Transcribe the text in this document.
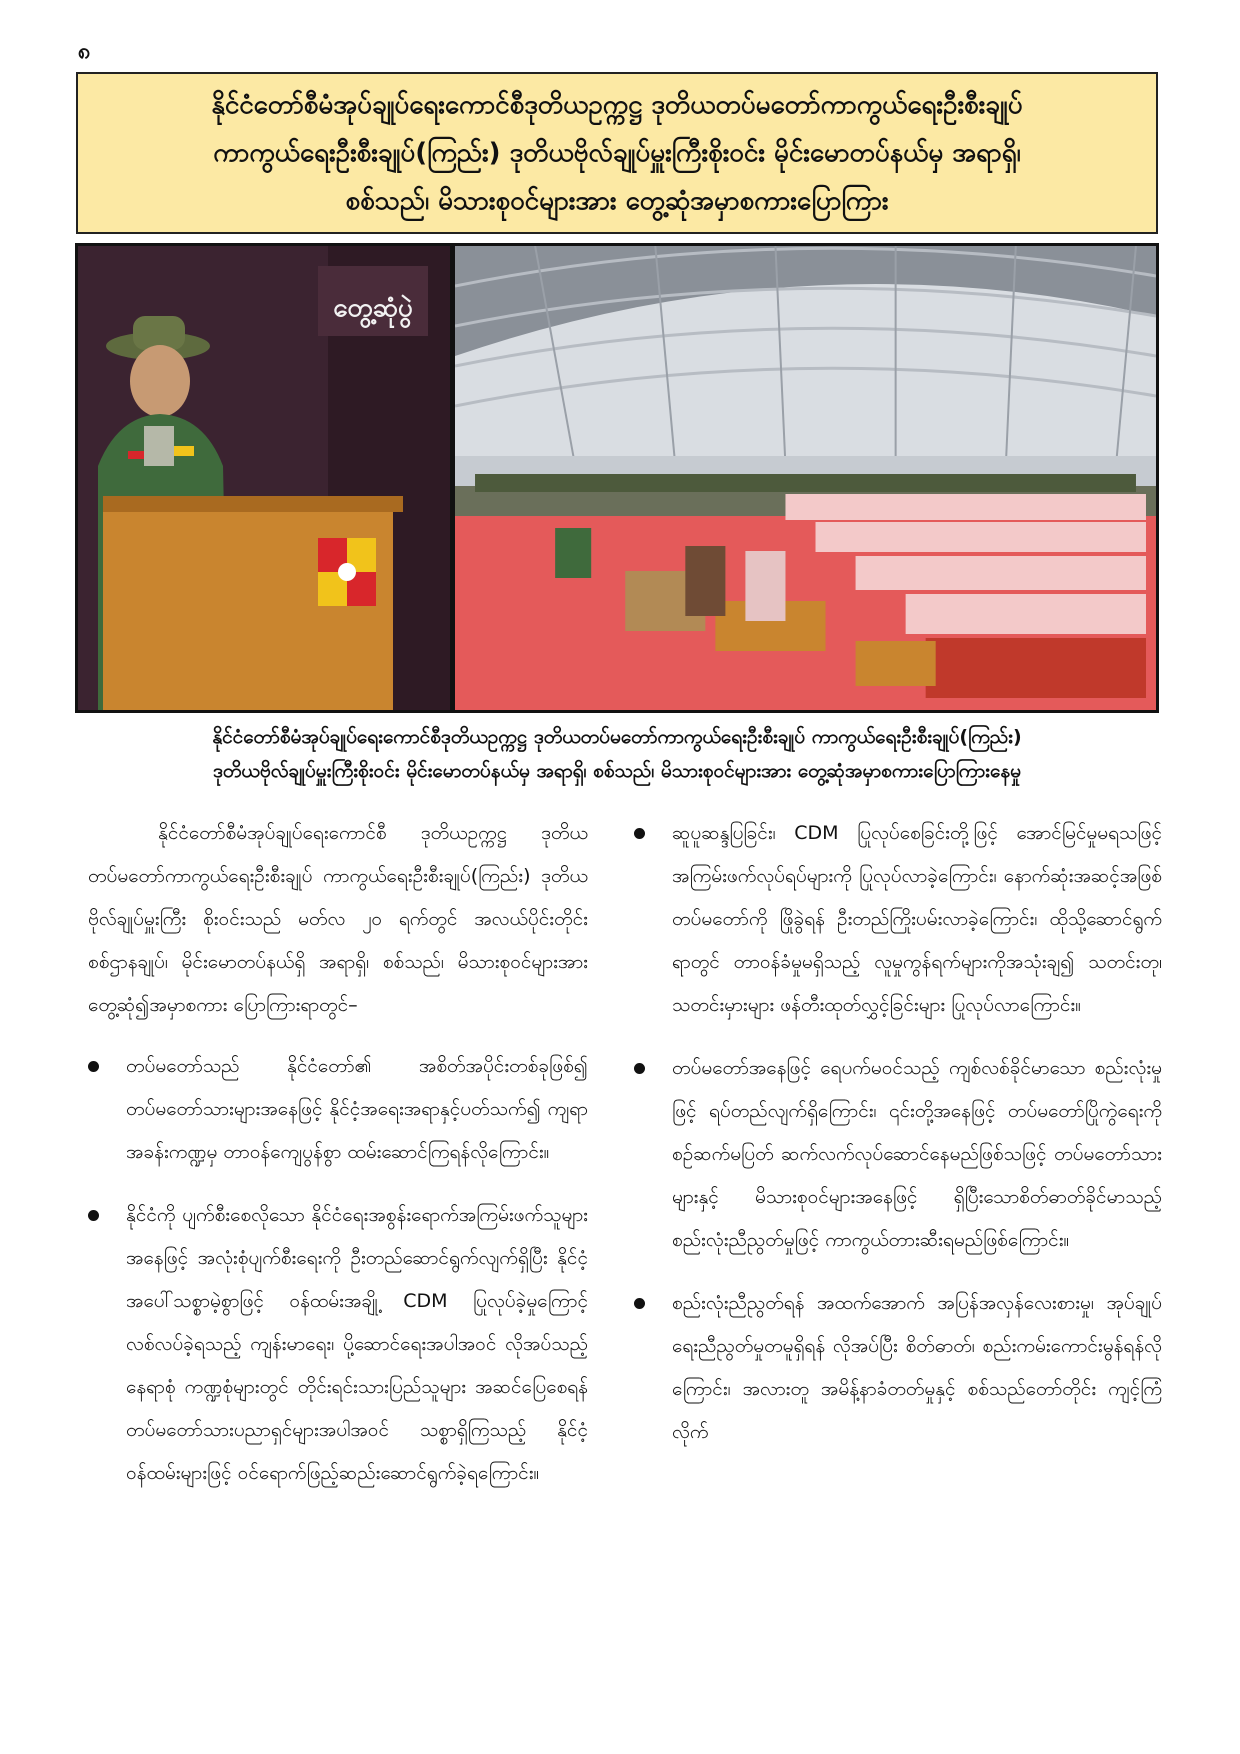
၈
နိုင်ငံတော်စီမံအုပ်ချုပ်ရေးကောင်စီဒုတိယဥက္ကဋ္ဌ ဒုတိယတပ်မတော်ကာကွယ်ရေးဦးစီးချုပ်
ကာကွယ်ရေးဦးစီးချုပ်(ကြည်း) ဒုတိယဗိုလ်ချုပ်မှူးကြီးစိုးဝင်း မိုင်းမောတပ်နယ်မှ အရာရှိ၊
စစ်သည်၊ မိသားစုဝင်များအား တွေ့ဆုံအမှာစကားပြောကြား
တွေ့ဆုံပွဲ
နိုင်ငံတော်စီမံအုပ်ချုပ်ရေးကောင်စီဒုတိယဥက္ကဋ္ဌ ဒုတိယတပ်မတော်ကာကွယ်ရေးဦးစီးချုပ် ကာကွယ်ရေးဦးစီးချုပ်(ကြည်း)
ဒုတိယဗိုလ်ချုပ်မှူးကြီးစိုးဝင်း မိုင်းမောတပ်နယ်မှ အရာရှိ၊ စစ်သည်၊ မိသားစုဝင်များအား တွေ့ဆုံအမှာစကားပြောကြားနေမှု

နိုင်ငံတော်စီမံအုပ်ချုပ်ရေးကောင်စီ ဒုတိယဥက္ကဋ္ဌ ဒုတိယတပ်မတော်ကာကွယ်ရေးဦးစီးချုပ် ကာကွယ်ရေးဦးစီးချုပ်(ကြည်း) ဒုတိယဗိုလ်ချုပ်မှူးကြီး စိုးဝင်းသည် မတ်လ ၂၀ ရက်တွင် အလယ်ပိုင်းတိုင်းစစ်ဌာနချုပ်၊ မိုင်းမောတပ်နယ်ရှိ အရာရှိ၊ စစ်သည်၊ မိသားစုဝင်များအား တွေ့ဆုံ၍အမှာစကား ပြောကြားရာတွင်–

တပ်မတော်သည် နိုင်ငံတော်၏ အစိတ်အပိုင်းတစ်ခုဖြစ်၍ တပ်မတော်သားများအနေဖြင့် နိုင်ငံ့အရေးအရာနှင့်ပတ်သက်၍ ကျရာအခန်းကဏ္ဍမှ တာဝန်ကျေပွန်စွာ ထမ်းဆောင်ကြရန်လိုကြောင်း။

နိုင်ငံကို ပျက်စီးစေလိုသော နိုင်ငံရေးအစွန်းရောက်အကြမ်းဖက်သူများအနေဖြင့် အလုံးစုံပျက်စီးရေးကို ဦးတည်ဆောင်ရွက်လျက်ရှိပြီး နိုင်ငံ့အပေါ်သစ္စာမဲ့စွာဖြင့် ဝန်ထမ်းအချို့ CDM ပြုလုပ်ခဲ့မှုကြောင့် လစ်လပ်ခဲ့ရသည့် ကျန်းမာရေး၊ ပို့ဆောင်ရေးအပါအဝင် လိုအပ်သည့်နေရာစုံ ကဏ္ဍစုံများတွင် တိုင်းရင်းသားပြည်သူများ အဆင်ပြေစေရန် တပ်မတော်သားပညာရှင်များအပါအဝင် သစ္စာရှိကြသည့် နိုင်ငံ့ဝန်ထမ်းများဖြင့် ဝင်ရောက်ဖြည့်ဆည်းဆောင်ရွက်ခဲ့ရကြောင်း။

ဆူပူဆန္ဒပြခြင်း၊ CDM ပြုလုပ်စေခြင်းတို့ဖြင့် အောင်မြင်မှုမရသဖြင့် အကြမ်းဖက်လုပ်ရပ်များကို ပြုလုပ်လာခဲ့ကြောင်း၊ နောက်ဆုံးအဆင့်အဖြစ် တပ်မတော်ကို ဖြိုခွဲရန် ဦးတည်ကြိုးပမ်းလာခဲ့ကြောင်း၊ ထိုသို့ဆောင်ရွက်ရာတွင် တာဝန်ခံမှုမရှိသည့် လူမှုကွန်ရက်များကိုအသုံးချ၍ သတင်းတု၊ သတင်းမှားများ ဖန်တီးထုတ်လွှင့်ခြင်းများ ပြုလုပ်လာကြောင်း။

တပ်မတော်အနေဖြင့် ရေပက်မဝင်သည့် ကျစ်လစ်ခိုင်မာသော စည်းလုံးမှုဖြင့် ရပ်တည်လျက်ရှိကြောင်း၊ ၎င်းတို့အနေဖြင့် တပ်မတော်ပြိုကွဲရေးကို စဉ်ဆက်မပြတ် ဆက်လက်လုပ်ဆောင်နေမည်ဖြစ်သဖြင့် တပ်မတော်သားများနှင့် မိသားစုဝင်များအနေဖြင့် ရှိပြီးသောစိတ်ဓာတ်ခိုင်မာသည့် စည်းလုံးညီညွတ်မှုဖြင့် ကာကွယ်တားဆီးရမည်ဖြစ်ကြောင်း။

စည်းလုံးညီညွတ်ရန် အထက်အောက် အပြန်အလှန်လေးစားမှု၊ အုပ်ချုပ်ရေးညီညွတ်မှုတမူရှိရန် လိုအပ်ပြီး စိတ်ဓာတ်၊ စည်းကမ်းကောင်းမွန်ရန်လိုကြောင်း၊ အလားတူ အမိန့်နာခံတတ်မှုနှင့် စစ်သည်တော်တိုင်း ကျင့်ကြံလိုက်
